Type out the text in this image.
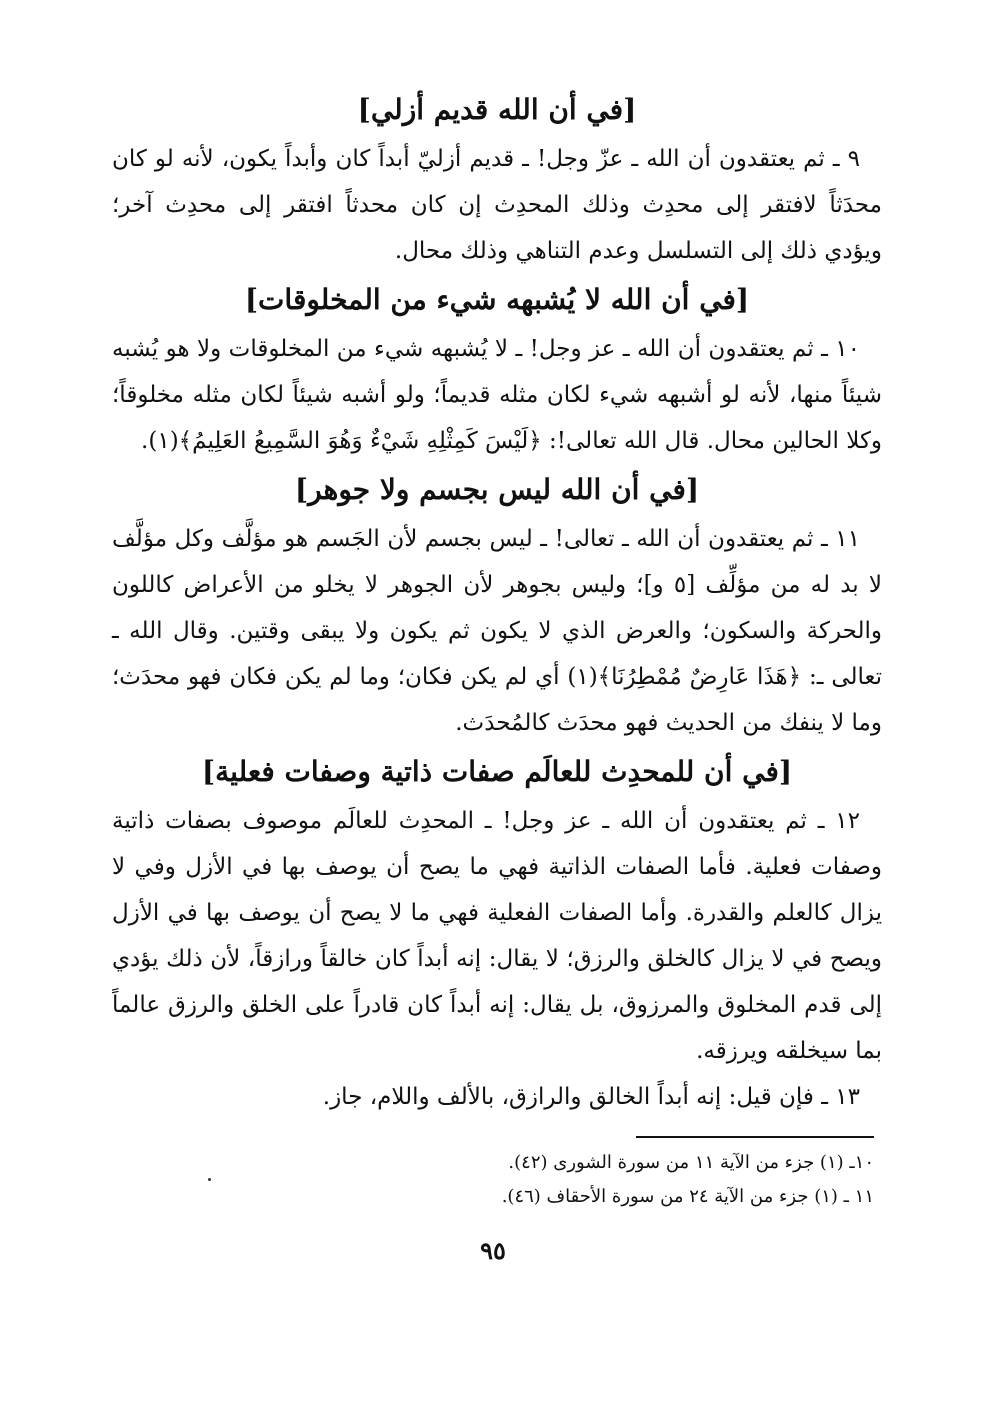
[في أن الله قديم أزلي]

٩ ـ ثم يعتقدون أن الله ـ عزّ وجل! ـ قديم أزليّ أبداً كان وأبداً يكون، لأنه لو كان محدَثاً لافتقر إلى محدِث وذلك المحدِث إن كان محدثاً افتقر إلى محدِث آخر؛ ويؤدي ذلك إلى التسلسل وعدم التناهي وذلك محال.

[في أن الله لا يُشبهه شيء من المخلوقات]

١٠ ـ ثم يعتقدون أن الله ـ عز وجل! ـ لا يُشبهه شيء من المخلوقات ولا هو يُشبه شيئاً منها، لأنه لو أشبهه شيء لكان مثله قديماً؛ ولو أشبه شيئاً لكان مثله مخلوقاً؛ وكلا الحالين محال. قال الله تعالى!: ﴿لَيْسَ كَمِثْلِهِ شَيْءٌ وَهُوَ السَّمِيعُ العَلِيمُ﴾(١).

[في أن الله ليس بجسم ولا جوهر]

١١ ـ ثم يعتقدون أن الله ـ تعالى! ـ ليس بجسم لأن الجَسم هو مؤلَّف وكل مؤلَّف لا بد له من مؤلِّف [٥ و]؛ وليس بجوهر لأن الجوهر لا يخلو من الأعراض كاللون والحركة والسكون؛ والعرض الذي لا يكون ثم يكون ولا يبقى وقتين. وقال الله ـ تعالى ـ: ﴿هَذَا عَارِضٌ مُمْطِرُنَا﴾(١) أي لم يكن فكان؛ وما لم يكن فكان فهو محدَث؛ وما لا ينفك من الحديث فهو محدَث كالمُحدَث.

[في أن للمحدِث للعالَم صفات ذاتية وصفات فعلية]

١٢ ـ ثم يعتقدون أن الله ـ عز وجل! ـ المحدِث للعالَم موصوف بصفات ذاتية وصفات فعلية. فأما الصفات الذاتية فهي ما يصح أن يوصف بها في الأزل وفي لا يزال كالعلم والقدرة. وأما الصفات الفعلية فهي ما لا يصح أن يوصف بها في الأزل ويصح في لا يزال كالخلق والرزق؛ لا يقال: إنه أبداً كان خالقاً ورازقاً، لأن ذلك يؤدي إلى قدم المخلوق والمرزوق، بل يقال: إنه أبداً كان قادراً على الخلق والرزق عالماً بما سيخلقه ويرزقه.

١٣ ـ فإن قيل: إنه أبداً الخالق والرازق، بالألف واللام، جاز.

١٠ـ (١) جزء من الآية ١١ من سورة الشورى (٤٢).

١١ ـ (١) جزء من الآية ٢٤ من سورة الأحقاف (٤٦).

٩٥
